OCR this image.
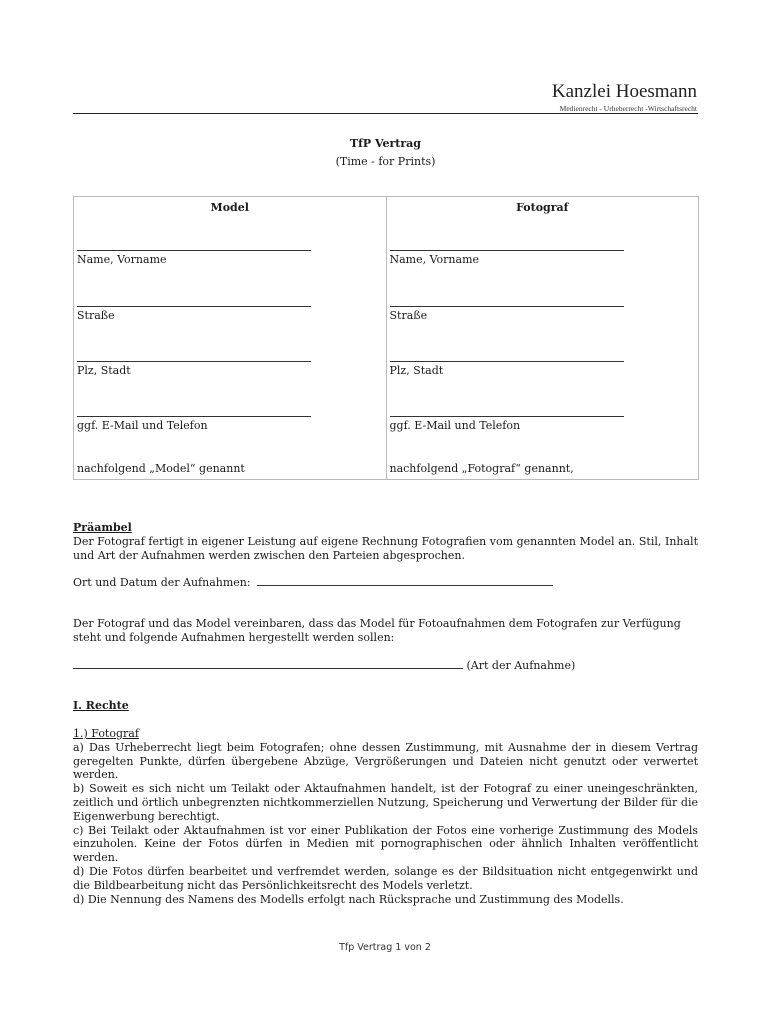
Kanzlei Hoesmann
Medienrecht - Urheberrecht -Wirtschaftsrecht
TfP Vertrag
(Time - for Prints)
Model
Name, Vorname
Straße
Plz, Stadt
ggf. E-Mail und Telefon
nachfolgend „Model“ genannt
Fotograf
Name, Vorname
Straße
Plz, Stadt
ggf. E-Mail und Telefon
nachfolgend „Fotograf“ genannt,
Präambel
Der Fotograf fertigt in eigener Leistung auf eigene Rechnung Fotografien vom genannten Model an. Stil, Inhalt und Art der Aufnahmen werden zwischen den Parteien abgesprochen.
Ort und Datum der Aufnahmen:
Der Fotograf und das Model vereinbaren, dass das Model für Fotoaufnahmen dem Fotografen zur Verfügung steht und folgende Aufnahmen hergestellt werden sollen:
(Art der Aufnahme)
I. Rechte
1.) Fotograf
a) Das Urheberrecht liegt beim Fotografen; ohne dessen Zustimmung, mit Ausnahme der in diesem Vertrag geregelten Punkte, dürfen übergebene Abzüge, Vergrößerungen und Dateien nicht genutzt oder verwertet werden.
b) Soweit es sich nicht um Teilakt oder Aktaufnahmen handelt, ist der Fotograf zu einer uneingeschränkten, zeitlich und örtlich unbegrenzten nichtkommerziellen Nutzung, Speicherung und Verwertung der Bilder für die Eigenwerbung berechtigt.
c) Bei Teilakt oder Aktaufnahmen ist vor einer Publikation der Fotos eine vorherige Zustimmung des Models einzuholen. Keine der Fotos dürfen in Medien mit pornographischen oder ähnlich Inhalten veröffentlicht werden.
d) Die Fotos dürfen bearbeitet und verfremdet werden, solange es der Bildsituation nicht entgegenwirkt und die Bildbearbeitung nicht das Persönlichkeitsrecht des Models verletzt.
d) Die Nennung des Namens des Modells erfolgt nach Rücksprache und Zustimmung des Modells.
Tfp Vertrag 1 von 2
